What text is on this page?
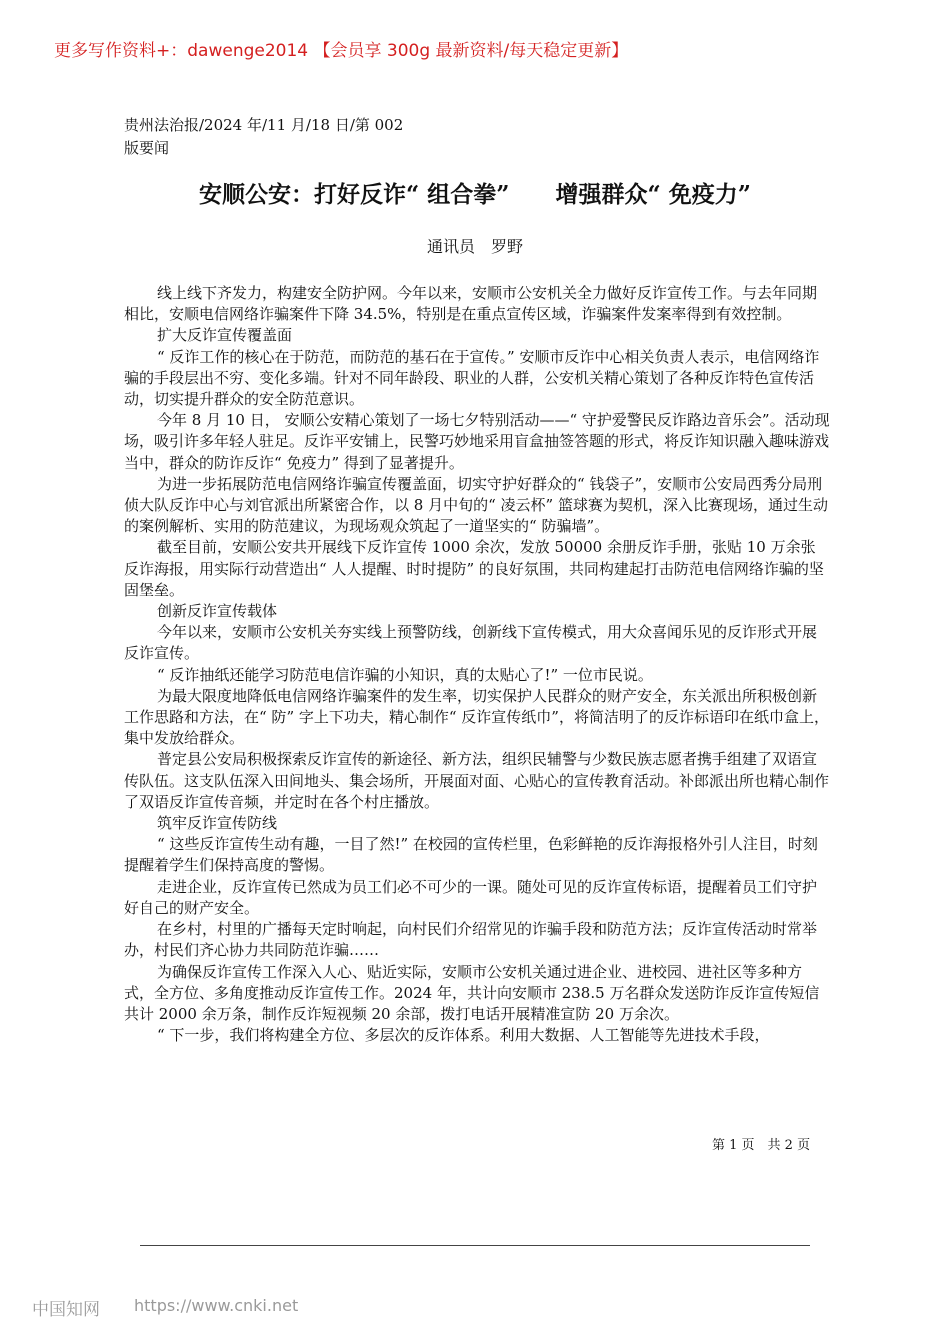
更多写作资料+：dawenge2014 【会员享 300g 最新资料/每天稳定更新】
贵州法治报/2024 年/11 月/18 日/第 002
版要闻
安顺公安：打好反诈“ 组合拳”　　增强群众“ 免疫力”
通讯员　罗野

线上线下齐发力，构建安全防护网。今年以来，安顺市公安机关全力做好反诈宣传工作。与去年同期相比，安顺电信网络诈骗案件下降 34.5%，特别是在重点宣传区域，诈骗案件发案率得到有效控制。

扩大反诈宣传覆盖面

“ 反诈工作的核心在于防范，而防范的基石在于宣传。” 安顺市反诈中心相关负责人表示，电信网络诈骗的手段层出不穷、变化多端。针对不同年龄段、职业的人群，公安机关精心策划了各种反诈特色宣传活动，切实提升群众的安全防范意识。

今年 8 月 10 日， 安顺公安精心策划了一场七夕特别活动——“ 守护爱警民反诈路边音乐会”。活动现场，吸引许多年轻人驻足。反诈平安铺上，民警巧妙地采用盲盒抽签答题的形式，将反诈知识融入趣味游戏当中，群众的防诈反诈“ 免疫力” 得到了显著提升。

为进一步拓展防范电信网络诈骗宣传覆盖面，切实守护好群众的“ 钱袋子”，安顺市公安局西秀分局刑侦大队反诈中心与刘官派出所紧密合作，以 8 月中旬的“ 凌云杯” 篮球赛为契机，深入比赛现场，通过生动的案例解析、实用的防范建议，为现场观众筑起了一道坚实的“ 防骗墙”。

截至目前，安顺公安共开展线下反诈宣传 1000 余次，发放 50000 余册反诈手册，张贴 10 万余张反诈海报，用实际行动营造出“ 人人提醒、时时提防” 的良好氛围，共同构建起打击防范电信网络诈骗的坚固堡垒。

创新反诈宣传载体

今年以来，安顺市公安机关夯实线上预警防线，创新线下宣传模式，用大众喜闻乐见的反诈形式开展反诈宣传。

“ 反诈抽纸还能学习防范电信诈骗的小知识，真的太贴心了!” 一位市民说。

为最大限度地降低电信网络诈骗案件的发生率，切实保护人民群众的财产安全，东关派出所积极创新工作思路和方法，在“ 防” 字上下功夫，精心制作“ 反诈宣传纸巾”，将简洁明了的反诈标语印在纸巾盒上，集中发放给群众。

普定县公安局积极探索反诈宣传的新途径、新方法，组织民辅警与少数民族志愿者携手组建了双语宣传队伍。这支队伍深入田间地头、集会场所，开展面对面、心贴心的宣传教育活动。补郎派出所也精心制作了双语反诈宣传音频，并定时在各个村庄播放。

筑牢反诈宣传防线

“ 这些反诈宣传生动有趣，一目了然!” 在校园的宣传栏里，色彩鲜艳的反诈海报格外引人注目，时刻提醒着学生们保持高度的警惕。

走进企业，反诈宣传已然成为员工们必不可少的一课。随处可见的反诈宣传标语，提醒着员工们守护好自己的财产安全。

在乡村，村里的广播每天定时响起，向村民们介绍常见的诈骗手段和防范方法；反诈宣传活动时常举办，村民们齐心协力共同防范诈骗……

为确保反诈宣传工作深入人心、贴近实际，安顺市公安机关通过进企业、进校园、进社区等多种方式，全方位、多角度推动反诈宣传工作。2024 年，共计向安顺市 238.5 万名群众发送防诈反诈宣传短信共计 2000 余万条，制作反诈短视频 20 余部，拨打电话开展精准宣防 20 万余次。

“ 下一步，我们将构建全方位、多层次的反诈体系。利用大数据、人工智能等先进技术手段，

第 1 页　共 2 页
中国知网 https://www.cnki.net
